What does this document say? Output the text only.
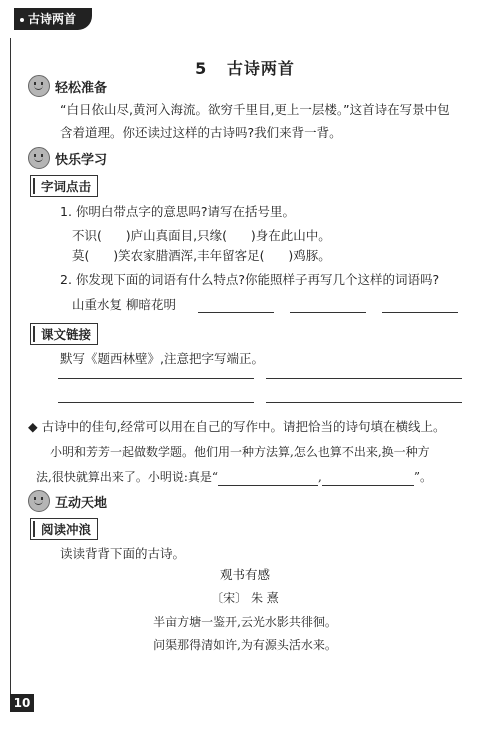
古诗两首
5 古诗两首
轻松准备
“白日依山尽,黄河入海流。欲穷千里目,更上一层楼。”这首诗在写景中包
含着道理。你还读过这样的古诗吗?我们来背一背。
快乐学习
字词点击
1. 你明白带点字的意思吗?请写在括号里。
不识( )庐山真面目,只缘( )身在此山中。
莫( )笑农家腊酒浑,丰年留客足( )鸡豚。
2. 你发现下面的词语有什么特点?你能照样子再写几个这样的词语吗?
山重水复 柳暗花明
课文链接
默写《题西林壁》,注意把字写端正。
◆ 古诗中的佳句,经常可以用在自己的写作中。请把恰当的诗句填在横线上。
小明和芳芳一起做数学题。他们用一种方法算,怎么也算不出来,换一种方
法,很快就算出来了。小明说:真是“	,	”。
互动天地
阅读冲浪
读读背背下面的古诗。
观书有感
〔宋〕 朱 熹
半亩方塘一鉴开,云光水影共徘徊。
问渠那得清如许,为有源头活水来。
10
